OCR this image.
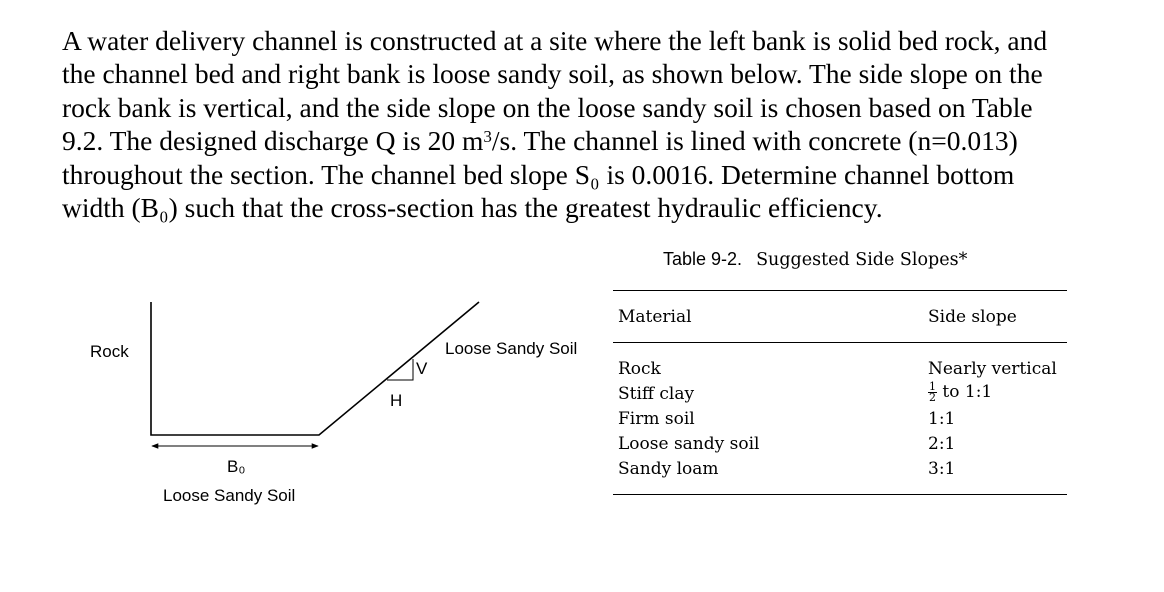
A water delivery channel is constructed at a site where the left bank is solid bed rock, and
the channel bed and right bank is loose sandy soil, as shown below. The side slope on the
rock bank is vertical, and the side slope on the loose sandy soil is chosen based on Table
9.2. The designed discharge Q is 20 $m^3/s$. The channel is lined with concrete (n=0.013)
throughout the section. The channel bed slope S₀ is 0.0016. Determine channel bottom
width (B₀) such that the cross-section has the greatest hydraulic efficiency.
Rock	Loose Sandy Soil
H
V
B₀
Loose Sandy Soil
Table 9-2. Suggested Side Slopes*
Material	Side slope
Rock	Nearly vertical
Stiff clay	$\frac{1}{2}$ to 1:1
Firm soil	1:1
Loose sandy soil	2:1
Sandy loam	3:1
